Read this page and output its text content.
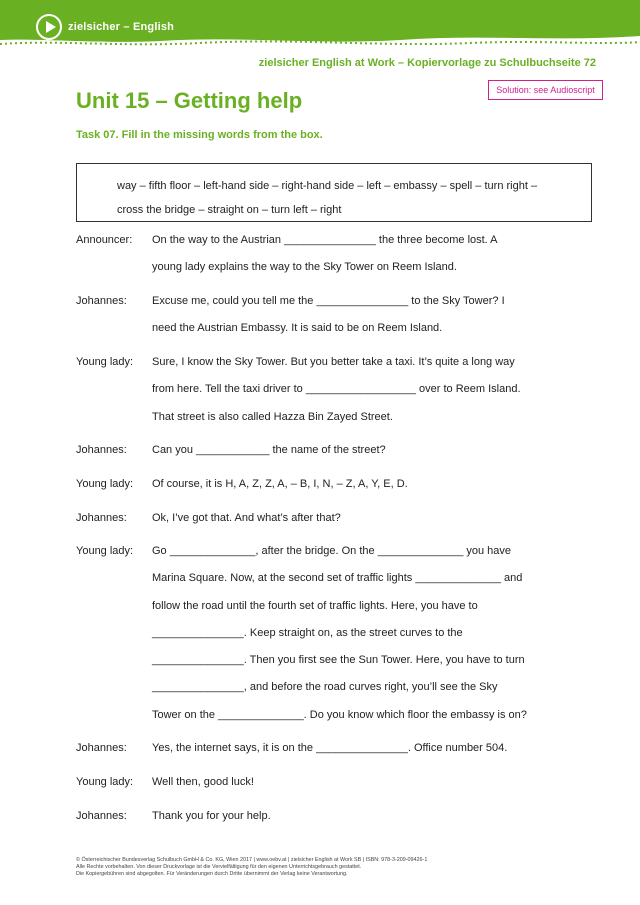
zielsicher – English
zielsicher English at Work – Kopiervorlage zu Schulbuchseite 72
Solution: see Audioscript
Unit 15 – Getting help
Task 07. Fill in the missing words from the box.
way – fifth floor – left-hand side – right-hand side – left – embassy – spell – turn right –
cross the bridge – straight on – turn left – right
Announcer: On the way to the Austrian _______________ the three become lost. A
young lady explains the way to the Sky Tower on Reem Island.
Johannes: Excuse me, could you tell me the _______________ to the Sky Tower? I
need the Austrian Embassy. It is said to be on Reem Island.
Young lady: Sure, I know the Sky Tower. But you better take a taxi. It’s quite a long way
from here. Tell the taxi driver to __________________ over to Reem Island.
That street is also called Hazza Bin Zayed Street.
Johannes: Can you ____________ the name of the street?
Young lady: Of course, it is H, A, Z, Z, A, – B, I, N, – Z, A, Y, E, D.
Johannes: Ok, I’ve got that. And what’s after that?
Young lady: Go ______________, after the bridge. On the ______________ you have
Marina Square. Now, at the second set of traffic lights ______________ and
follow the road until the fourth set of traffic lights. Here, you have to
_______________. Keep straight on, as the street curves to the
_______________. Then you first see the Sun Tower. Here, you have to turn
_______________, and before the road curves right, you’ll see the Sky
Tower on the ______________. Do you know which floor the embassy is on?
Johannes: Yes, the internet says, it is on the _______________. Office number 504.
Young lady: Well then, good luck!
Johannes: Thank you for your help.
© Österreichischer Bundesverlag Schulbuch GmbH & Co. KG, Wien 2017 | www.oebv.at | zielsicher English at Work SB | ISBN: 978-3-209-09426-1
Alle Rechte vorbehalten. Von dieser Druckvorlage ist die Vervielfältigung für den eigenen Unterrichtsgebrauch gestattet.
Die Kopiergebühren sind abgegolten. Für Veränderungen durch Dritte übernimmt der Verlag keine Verantwortung.
